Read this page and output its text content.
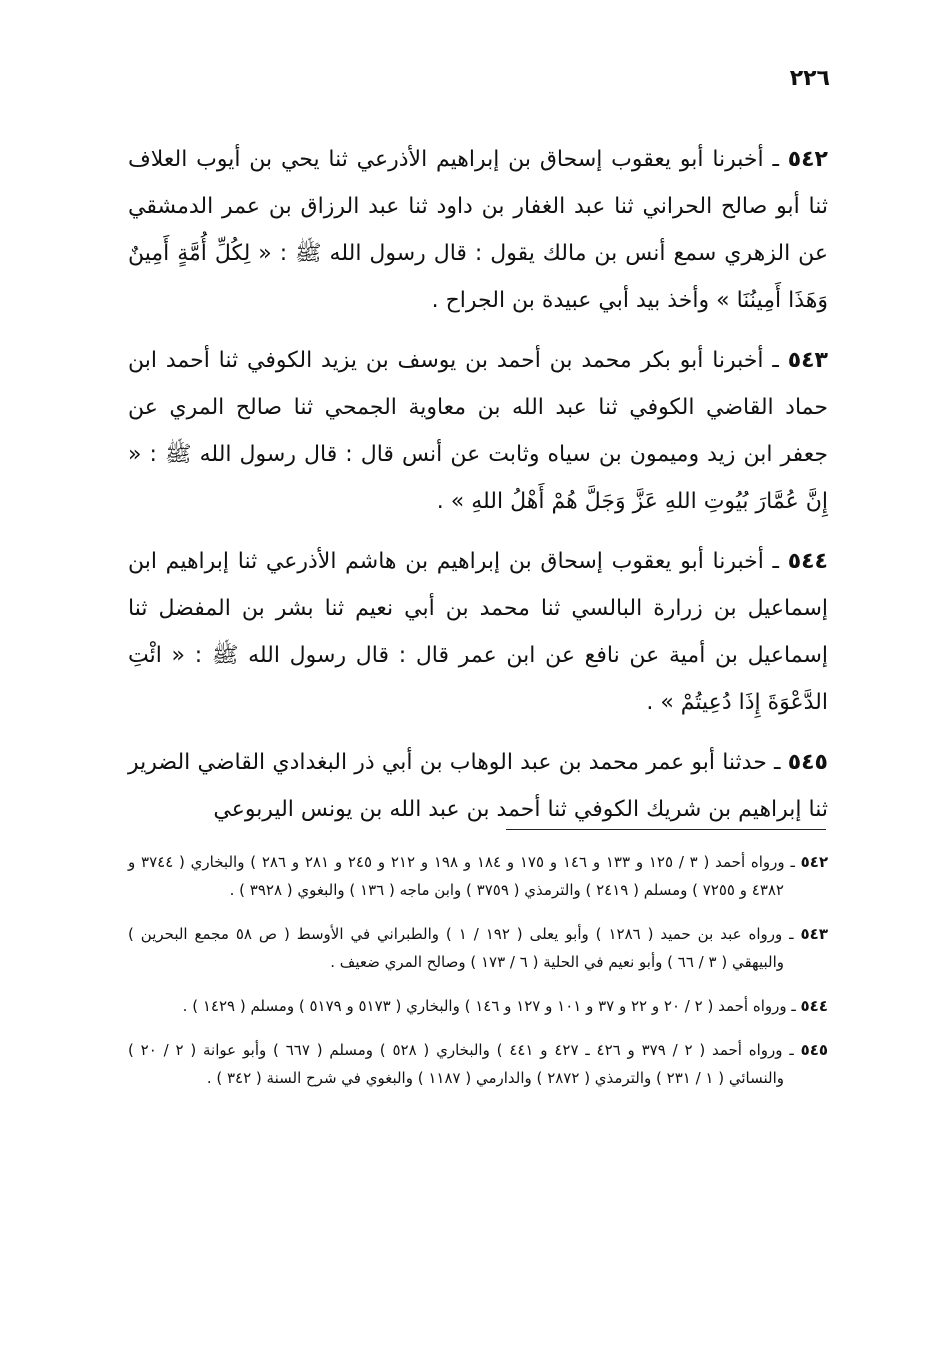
٢٢٦

٥٤٢ ـ أخبرنا أبو يعقوب إسحاق بن إبراهيم الأذرعي ثنا يحي بن أيوب العلاف ثنا أبو صالح الحراني ثنا عبد الغفار بن داود ثنا عبد الرزاق بن عمر الدمشقي عن الزهري سمع أنس بن مالك يقول : قال رسول الله ﷺ : « لِكُلِّ أُمَّةٍ أَمِينٌ وَهَذَا أَمِينُنَا » وأخذ بيد أبي عبيدة بن الجراح .

٥٤٣ ـ أخبرنا أبو بكر محمد بن أحمد بن يوسف بن يزيد الكوفي ثنا أحمد ابن حماد القاضي الكوفي ثنا عبد الله بن معاوية الجمحي ثنا صالح المري عن جعفر ابن زيد وميمون بن سياه وثابت عن أنس قال : قال رسول الله ﷺ : « إِنَّ عُمَّارَ بُيُوتِ اللهِ عَزَّ وَجَلَّ هُمْ أَهْلُ اللهِ » .

٥٤٤ ـ أخبرنا أبو يعقوب إسحاق بن إبراهيم بن هاشم الأذرعي ثنا إبراهيم ابن إسماعيل بن زرارة البالسي ثنا محمد بن أبي نعيم ثنا بشر بن المفضل ثنا إسماعيل بن أمية عن نافع عن ابن عمر قال : قال رسول الله ﷺ : « ائْتِ الدَّعْوَةَ إِذَا دُعِيتُمْ » .

٥٤٥ ـ حدثنا أبو عمر محمد بن عبد الوهاب بن أبي ذر البغدادي القاضي الضرير ثنا إبراهيم بن شريك الكوفي ثنا أحمد بن عبد الله بن يونس اليربوعي

٥٤٢ ـ ورواه أحمد ( ٣ / ١٢٥ و ١٣٣ و ١٤٦ و ١٧٥ و ١٨٤ و ١٩٨ و ٢١٢ و ٢٤٥ و ٢٨١ و ٢٨٦ ) والبخاري ( ٣٧٤٤ و ٤٣٨٢ و ٧٢٥٥ ) ومسلم ( ٢٤١٩ ) والترمذي ( ٣٧٥٩ ) وابن ماجه ( ١٣٦ ) والبغوي ( ٣٩٢٨ ) .

٥٤٣ ـ ورواه عبد بن حميد ( ١٢٨٦ ) وأبو يعلى ( ١٩٢ / ١ ) والطبراني في الأوسط ( ص ٥٨ مجمع البحرين ) والبيهقي ( ٣ / ٦٦ ) وأبو نعيم في الحلية ( ٦ / ١٧٣ ) وصالح المري ضعيف .

٥٤٤ ـ ورواه أحمد ( ٢ / ٢٠ و ٢٢ و ٣٧ و ١٠١ و ١٢٧ و ١٤٦ ) والبخاري ( ٥١٧٣ و ٥١٧٩ ) ومسلم ( ١٤٢٩ ) .

٥٤٥ ـ ورواه أحمد ( ٢ / ٣٧٩ و ٤٢٦ ـ ٤٢٧ و ٤٤١ ) والبخاري ( ٥٢٨ ) ومسلم ( ٦٦٧ ) وأبو عوانة ( ٢ / ٢٠ ) والنسائي ( ١ / ٢٣١ ) والترمذي ( ٢٨٧٢ ) والدارمي ( ١١٨٧ ) والبغوي في شرح السنة ( ٣٤٢ ) .
